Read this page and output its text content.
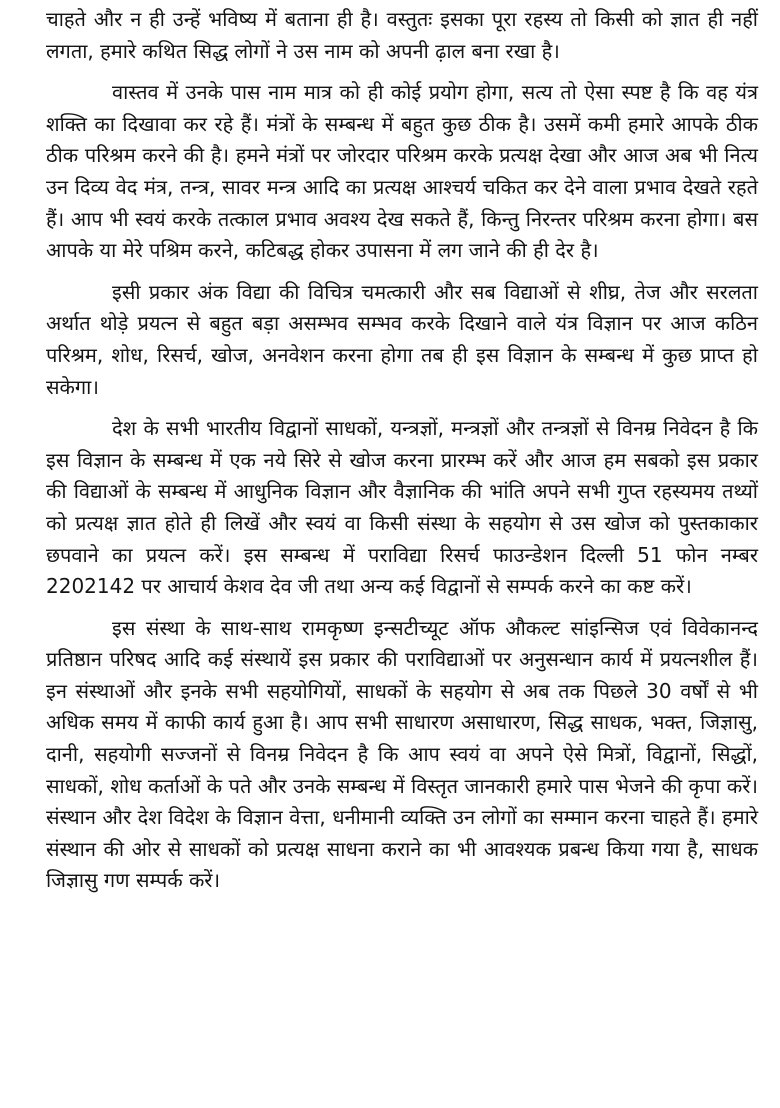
चाहते और न ही उन्हें भविष्य में बताना ही है। वस्तुतः इसका पूरा रहस्य तो किसी को ज्ञात ही नहीं लगता, हमारे कथित सिद्ध लोगों ने उस नाम को अपनी ढ़ाल बना रखा है।

वास्तव में उनके पास नाम मात्र को ही कोई प्रयोग होगा, सत्य तो ऐसा स्पष्ट है कि वह यंत्र शक्ति का दिखावा कर रहे हैं। मंत्रों के सम्बन्ध में बहुत कुछ ठीक है। उसमें कमी हमारे आपके ठीक ठीक परिश्रम करने की है। हमने मंत्रों पर जोरदार परिश्रम करके प्रत्यक्ष देखा और आज अब भी नित्य उन दिव्य वेद मंत्र, तन्त्र, सावर मन्त्र आदि का प्रत्यक्ष आश्चर्य चकित कर देने वाला प्रभाव देखते रहते हैं। आप भी स्वयं करके तत्काल प्रभाव अवश्य देख सकते हैं, किन्तु निरन्तर परिश्रम करना होगा। बस आपके या मेरे पश्रिम करने, कटिबद्ध होकर उपासना में लग जाने की ही देर है।

इसी प्रकार अंक विद्या की विचित्र चमत्कारी और सब विद्याओं से शीघ्र, तेज और सरलता अर्थात थोड़े प्रयत्न से बहुत बड़ा असम्भव सम्भव करके दिखाने वाले यंत्र विज्ञान पर आज कठिन परिश्रम, शोध, रिसर्च, खोज, अनवेशन करना होगा तब ही इस विज्ञान के सम्बन्ध में कुछ प्राप्त हो सकेगा।

देश के सभी भारतीय विद्वानों साधकों, यन्त्रज्ञों, मन्त्रज्ञों और तन्त्रज्ञों से विनम्र निवेदन है कि इस विज्ञान के सम्बन्ध में एक नये सिरे से खोज करना प्रारम्भ करें और आज हम सबको इस प्रकार की विद्याओं के सम्बन्ध में आधुनिक विज्ञान और वैज्ञानिक की भांति अपने सभी गुप्त रहस्यमय तथ्यों को प्रत्यक्ष ज्ञात होते ही लिखें और स्वयं वा किसी संस्था के सहयोग से उस खोज को पुस्तकाकार छपवाने का प्रयत्न करें। इस सम्बन्ध में पराविद्या रिसर्च फाउन्डेशन दिल्ली 51 फोन नम्बर 2202142 पर आचार्य केशव देव जी तथा अन्य कई विद्वानों से सम्पर्क करने का कष्ट करें।

इस संस्था के साथ-साथ रामकृष्ण इन्सटीच्यूट ऑफ औकल्ट सांइन्सिज एवं विवेकानन्द प्रतिष्ठान परिषद आदि कई संस्थायें इस प्रकार की पराविद्याओं पर अनुसन्धान कार्य में प्रयत्नशील हैं। इन संस्थाओं और इनके सभी सहयोगियों, साधकों के सहयोग से अब तक पिछले 30 वर्षों से भी अधिक समय में काफी कार्य हुआ है। आप सभी साधारण असाधारण, सिद्ध साधक, भक्त, जिज्ञासु, दानी, सहयोगी सज्जनों से विनम्र निवेदन है कि आप स्वयं वा अपने ऐसे मित्रों, विद्वानों, सिद्धों, साधकों, शोध कर्ताओं के पते और उनके सम्बन्ध में विस्तृत जानकारी हमारे पास भेजने की कृपा करें। संस्थान और देश विदेश के विज्ञान वेत्ता, धनीमानी व्यक्ति उन लोगों का सम्मान करना चाहते हैं। हमारे संस्थान की ओर से साधकों को प्रत्यक्ष साधना कराने का भी आवश्यक प्रबन्ध किया गया है, साधक जिज्ञासु गण सम्पर्क करें।
